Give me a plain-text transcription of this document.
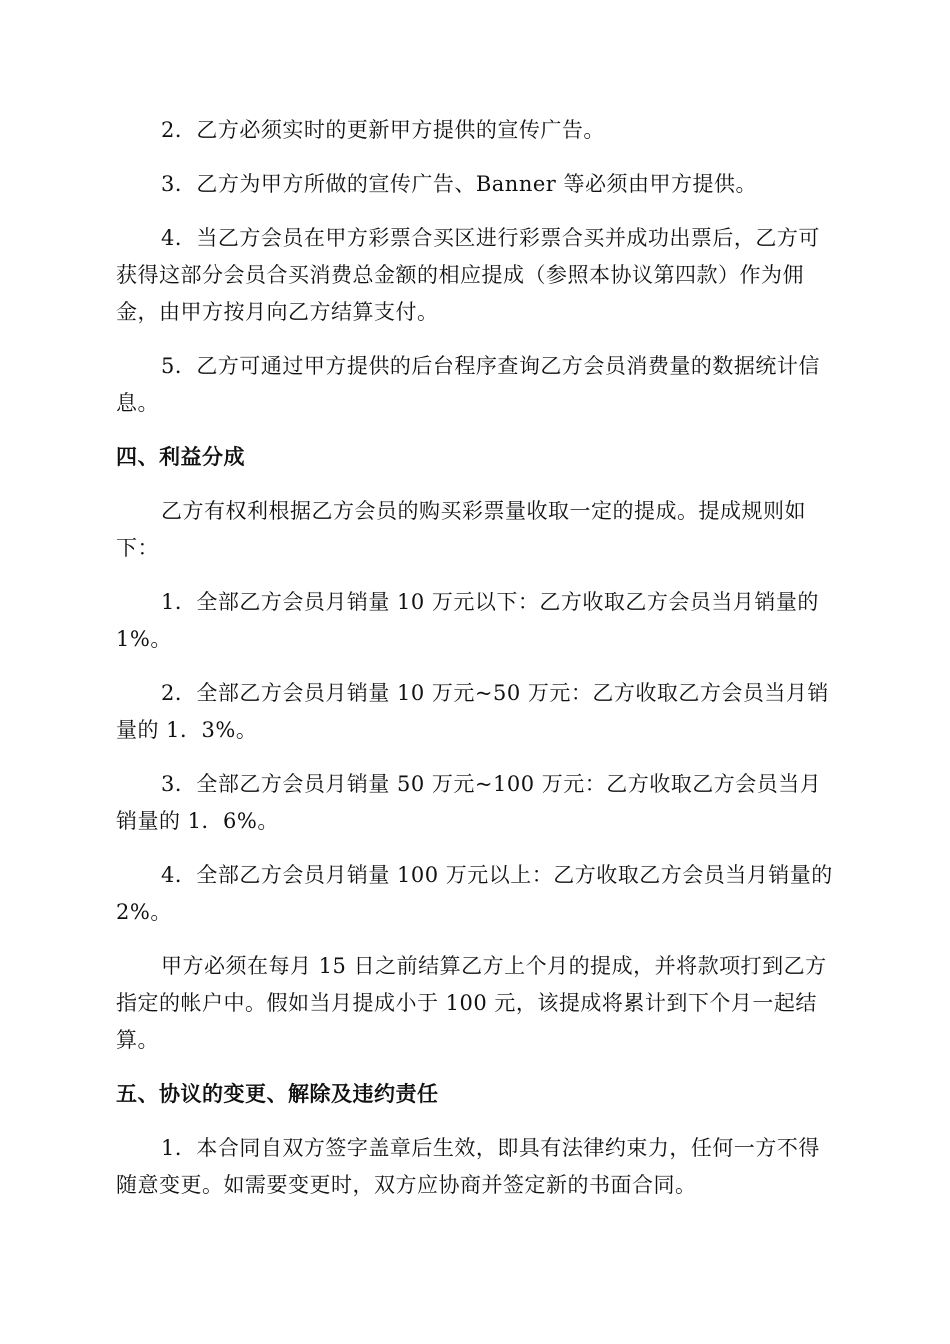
2．乙方必须实时的更新甲方提供的宣传广告。

3．乙方为甲方所做的宣传广告、Banner 等必须由甲方提供。

4．当乙方会员在甲方彩票合买区进行彩票合买并成功出票后，乙方可获得这部分会员合买消费总金额的相应提成（参照本协议第四款）作为佣金，由甲方按月向乙方结算支付。

5．乙方可通过甲方提供的后台程序查询乙方会员消费量的数据统计信息。

四、利益分成

乙方有权利根据乙方会员的购买彩票量收取一定的提成。提成规则如下：

1．全部乙方会员月销量 10 万元以下：乙方收取乙方会员当月销量的 1%。

2．全部乙方会员月销量 10 万元~50 万元：乙方收取乙方会员当月销量的 1．3%。

3．全部乙方会员月销量 50 万元~100 万元：乙方收取乙方会员当月销量的 1．6%。

4．全部乙方会员月销量 100 万元以上：乙方收取乙方会员当月销量的 2%。

甲方必须在每月 15 日之前结算乙方上个月的提成，并将款项打到乙方指定的帐户中。假如当月提成小于 100 元，该提成将累计到下个月一起结算。

五、协议的变更、解除及违约责任

1．本合同自双方签字盖章后生效，即具有法律约束力，任何一方不得随意变更。如需要变更时，双方应协商并签定新的书面合同。
